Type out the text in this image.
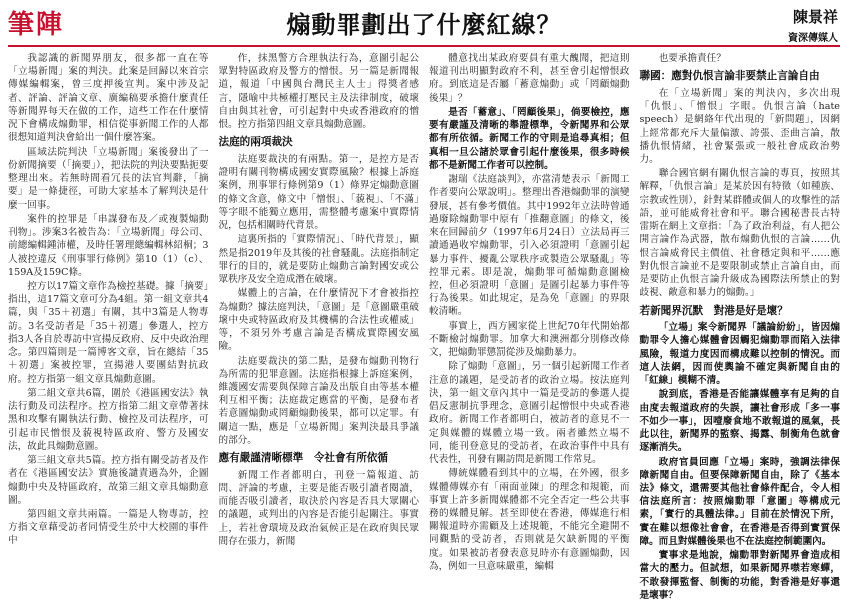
筆陣	煽動罪劃出了什麼紅線？	陳景祥
資深傳媒人

我認識的新聞界朋友，很多都一直在等「立場新聞」案的判決。此案是回歸以來首宗傳媒編輯案，曾三度押後宣判。案中涉及記者、評論、評論文章、廣編稿要承擔什麼責任等新聞界每天在做的工作，這些工作在什麼情況下會構成煽動罪，相信從事新聞工作的人都很想知道判決會給出一個什麼答案。

區域法院判決「立場新聞」案後發出了一份新聞摘要（「摘要」），把法院的判決要點扼要整理出來。若無時間看冗長的法官判辭，「摘要」是一條捷徑，可助大家基本了解判決是什麼一回事。

案件的控罪是「串謀發布及／或複製煽動刊物」。涉案3名被告為：「立場新聞」母公司、前總編輯鍾沛權，及時任署理總編輯林紹桐；3人被控違反《刑事罪行條例》第10（1）（c）、159A及159C條。

控方以17篇文章作為檢控基礎。據「摘要」指出，這17篇文章可分為4組。第一組文章共4篇，與「35＋初選」有關，其中3篇是人物專訪。3名受訪者是「35＋初選」參選人，控方指3人各自於專訪中宣揚反政府、反中央政治理念。第四篇則是一篇博客文章，旨在總結「35＋初選」案被控罪，宣揚港人要團結對抗政府。控方指第一組文章具煽動意圖。

第二組文章共6篇，圍於《港區國安法》執法行動及司法程序。控方指第二組文章帶著抹黑和攻擊有關執法行動、檢控及司法程序，可引起市民憎恨及藐視特區政府、警方及國安法，故此具煽動意圖。

第三組文章共5篇。控方指有關受訪者及作者在《港區國安法》實施後譴責過為外，企圖煽動中央及特區政府，故第三組文章具煽動意圖。

第四組文章共兩篇。一篇是人物專訪，控方指文章藉受訪者同情受生於中大校園的事件中

作，抹黑警方合理執法行為，意圖引起公眾對特區政府及警方的憎恨。另一篇是新聞報道，報道「中國與台灣民主人士」得獎者感言，隱喻中共極權打壓民主及法律制度，破壞自由與其社會，可引起對中央或香港政府的憎恨。控方指第四組文章具煽動意圖。

法庭的兩項裁決

法庭要裁決的有兩點。第一，是控方是否證明有關刊物構成國安實際風險？根據上訴庭案例，刑事罪行條例第9（1）條界定煽動意圖的條文含意，條文中「憎恨」、「藐視」、「不滿」等字眼不能獨立應用，需整體考慮案中實際情況，包括相關時代背景。

這裏所指的「實際情況」、「時代背景」，顯然是指2019年及其後的社會騷亂。法庭指制定罪行的目的，就是要防止煽動言論對國安或公眾秩序及安全造成潛在破壞。

媒體上的言論，在什麼情況下才會被指控為煽動？據法庭判決，「意圖」是「意圖嚴重破壞中央或特區政府及其機構的合法性或權威」等，不須另外考慮言論是否構成實際國安風險。

法庭要裁決的第二點，是發布煽動刊物行為所需的犯罪意圖。法庭指根據上訴庭案例，維護國安需要與保障言論及出版自由等基本權利互相平衡；法庭裁定應當的平衡，是發布者若意圖煽動或罔顧煽動後果，都可以定罪。有關這一點，應是「立場新聞」案判決最具爭議的部分。

應有嚴謹清晰標準　令社會有所依循

新聞工作者都明白，刊登一篇報道、訪問、評論的考慮，主要是能否吸引讀者閱讀，而能否吸引讀者，取決於內容是否具大眾關心的議題，或判出的內容是否能引起關注。事實上，若社會環境及政治氣候正是在政府與民眾間存在張力，新聞

體意找出某政府要員有重大醜聞，把這則報道刊出明顯對政府不利，甚至會引起憎恨政府。到底這是否屬「蓄意煽動」或「罔顧煽動後果」？

是否「蓄意」、「罔顧後果」，倘要檢控，應要有嚴謹及清晰的舉證標準，令新聞界和公眾都有所依循。新聞工作的守則是追尋真相；但真相一旦公諸於眾會引起什麼後果，很多時候都不是新聞工作者可以控制。

謝瑞《法庭談判》，亦當清楚表示「新聞工作者要向公眾說明」。整理出香港煽動罪的演變發展，甚有參考價值。其中1992年立法時曾通過廢除煽動罪中原有「推翻意圖」的條文，後來在回歸前夕（1997年6月24日）立法局再三讀通過收窄煽動罪，引入必須證明「意圖引起暴力事件、擾亂公眾秩序或製造公眾騷亂」等控罪元素。即是說，煽動罪可循煽動意圖檢控，但必須證明「意圖」是圖引起暴力事件等行為後果。如此規定，是為免「意圖」的界限較清晰。

事實上，西方國家從上世紀70年代開始都不斷檢討煽動罪。加拿大和澳洲都分別修改條文，把煽動罪懲罰從涉及煽動暴力。

除了煽動「意圖」，另一個引起新聞工作者注意的議題，是受訪者的政治立場。按法庭判決，第一組文章內其中一篇是受訪的參選人提倡反憲制抗爭理念，意圖引起憎恨中央或香港政府。新聞工作者都明白，被訪者的意見不一定與媒體的媒體立場一致。兩者雖然立場不同，能刊登意見的受訪者，在政治事件中具有代表性，刊發有關訪問是新聞工作常見。

傳統媒體看到其中的立場，在外國，很多媒體傳媒亦有「兩面並陳」的理念和規範，而事實上許多新聞媒體都不完全否定一些公共事務的媒體見解。甚至即使在香港，傳媒進行相關報道時亦需顧及上述規範，不能完全避開不同觀點的受訪者，否則就是欠缺新聞的平衡度。如果被訪者發表意見時亦有意圖煽動，因為，例如一旦意味嚴重，編輯

也要承擔責任？

聯國：應對仇恨言論非要禁止言論自由

在「立場新聞」案的判決內，多次出現「仇恨」、「憎恨」字眼。仇恨言論（hate speech）是網絡年代出現的「新問題」，因網上經常都充斥大量偏激、誇張、歪曲言論，散播仇恨情緒，社會緊張或一般社會成政治勢力。

聯合國官網有關仇恨言論的專頁，按照其解釋，「仇恨言論」是某於因有特徵（如種族、宗教或性別），針對某群體或個人的攻擊性的話語，並可能威脅社會和平。聯合國秘書長古特雷斯在網上文章指：「為了政治利益，有人把公開言論作為武器，散布煽動仇恨的言論……仇恨言論威脅民主價值、社會穩定與和平……應對仇恨言論並不是要限制或禁止言論自由，而是要防止仇恨言論升級成為國際法所禁止的對歧視、敵意和暴力的煽動。」

若新聞界沉默　對港是好是壞？

「立場」案令新聞界「議論紛紛」，皆因煽動罪令人擔心媒體會因觸犯煽動罪而陷入法律風險，報道力度因而構成難以控制的情況。而這人法網，因而使輿論不確定與新聞自由的「紅線」模糊不清。

說到底，香港是否能讓媒體享有足夠的自由度去報道政府的失誤，讓社會形成「多一事不如少一事」，因噎廢食地不敢報道的風氣，長此以往，新聞界的監察、揭露、制衡角色就會逐漸消失。

政府官員回應「立場」案時，強調法律保障新聞自由。但要保障新聞自由，除了《基本法》條文，還需要其他社會條件配合，令人相信法庭所言：按照煽動罪「意圖」等構成元素，「實行的具體法律。」目前在於情況下所，實在難以想像社會會，在香港是否得到實質保障。而且對媒體後果也不在法庭控制範圍內。

實事求是地說，煽動罪對新聞界會造成相當大的壓力。但試想，如果新聞界噤若寒蟬，不敢發揮監督、制衡的功能，對香港是好事還是壞事？
